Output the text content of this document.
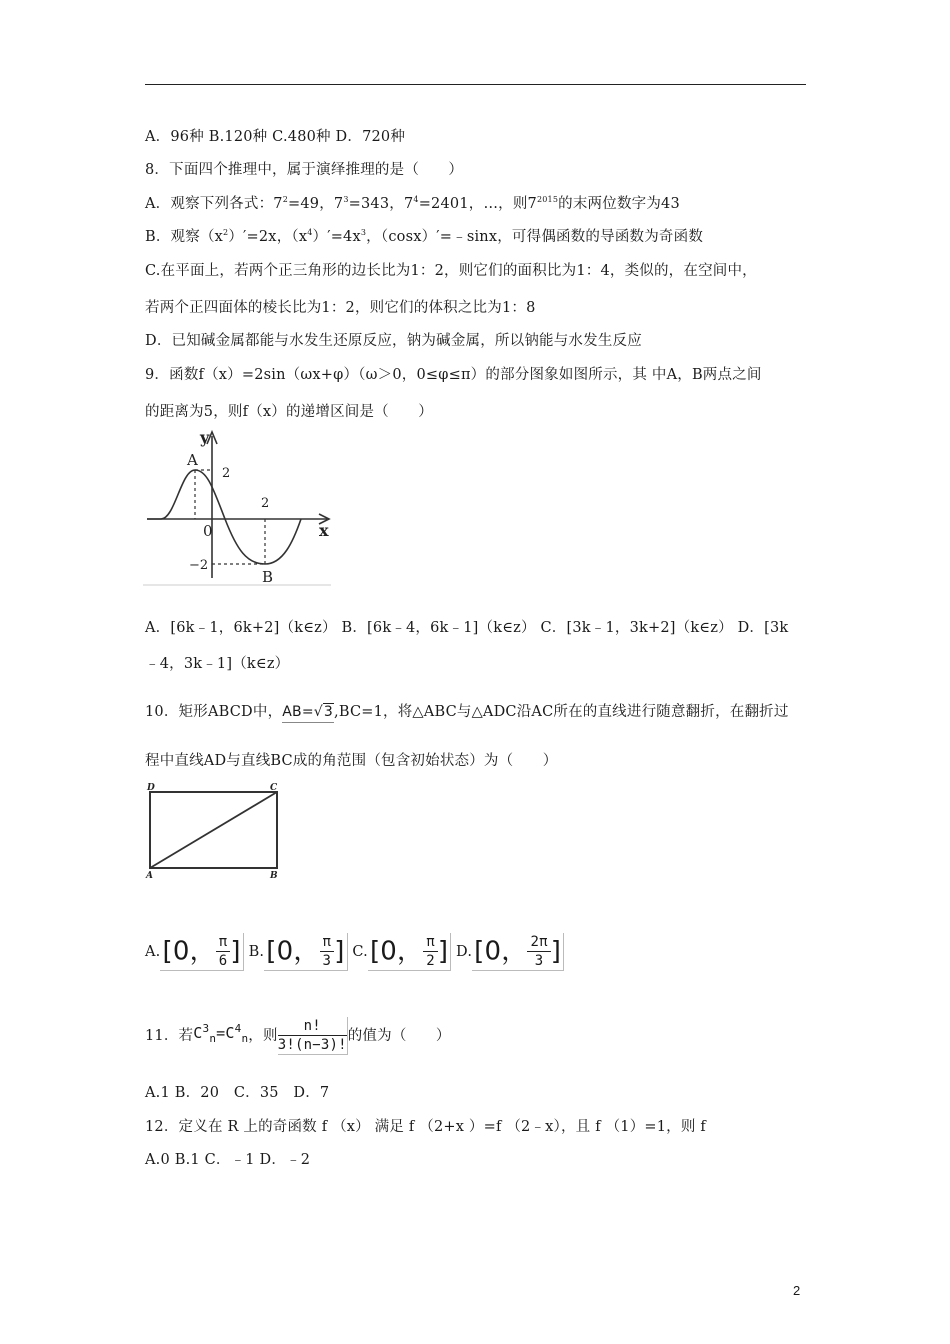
A．96种 B.120种 C.480种 D．720种
8．下面四个推理中，属于演绎推理的是（　　）
A．观察下列各式：$7^2=49$，$7^3=343$，$7^4=2401$，…，则$7^{2015}$的末两位数字为43
B．观察$(x^2)'=2x$，$(x^4)'=4x^3$，（cosx）′=﹣sinx，可得偶函数的导函数为奇函数
C.在平面上，若两个正三角形的边长比为1：2，则它们的面积比为1：4，类似的，在空间中，
若两个正四面体的棱长比为1：2，则它们的体积之比为1：8
D．已知碱金属都能与水发生还原反应，钠为碱金属，所以钠能与水发生反应
9．函数f（x）=2sin（ωx+φ）（ω＞0，0≤φ≤π）的部分图象如图所示，其 中A，B两点之间
的距离为5，则f（x）的递增区间是（　　）
y
x
0
A
B
2
−2
2
A．[6k﹣1，6k+2]（k∈z） B．[6k﹣4，6k﹣1]（k∈z） C．[3k﹣1，3k+2]（k∈z） D．[3k
﹣4，3k﹣1]（k∈z）
10．矩形ABCD中，AB=√3,BC=1，将△ABC与△ADC沿AC所在的直线进行随意翻折，在翻折过
程中直线AD与直线BC成的角范围（包含初始状态）为（　　）
D	C
A	B
A.[0， $\frac{\pi}{6}$ ] B.[0， $\frac{\pi}{3}$ ] C.[0， $\frac{\pi}{2}$ ] D.[0， $\frac{2\pi}{3}$ ]
11．若$C^3_n=C^4_n$，则 $\frac{n!}{3!(n-3)!}$ 的值为（　　）
A.1 B．20　C．35　D．7
12．定义在 R 上的奇函数 f （x） 满足 f （2+x ）=f （2﹣x），且 f （1）=1，则 f
A.0 B.1 C．﹣1 D．﹣2
2
